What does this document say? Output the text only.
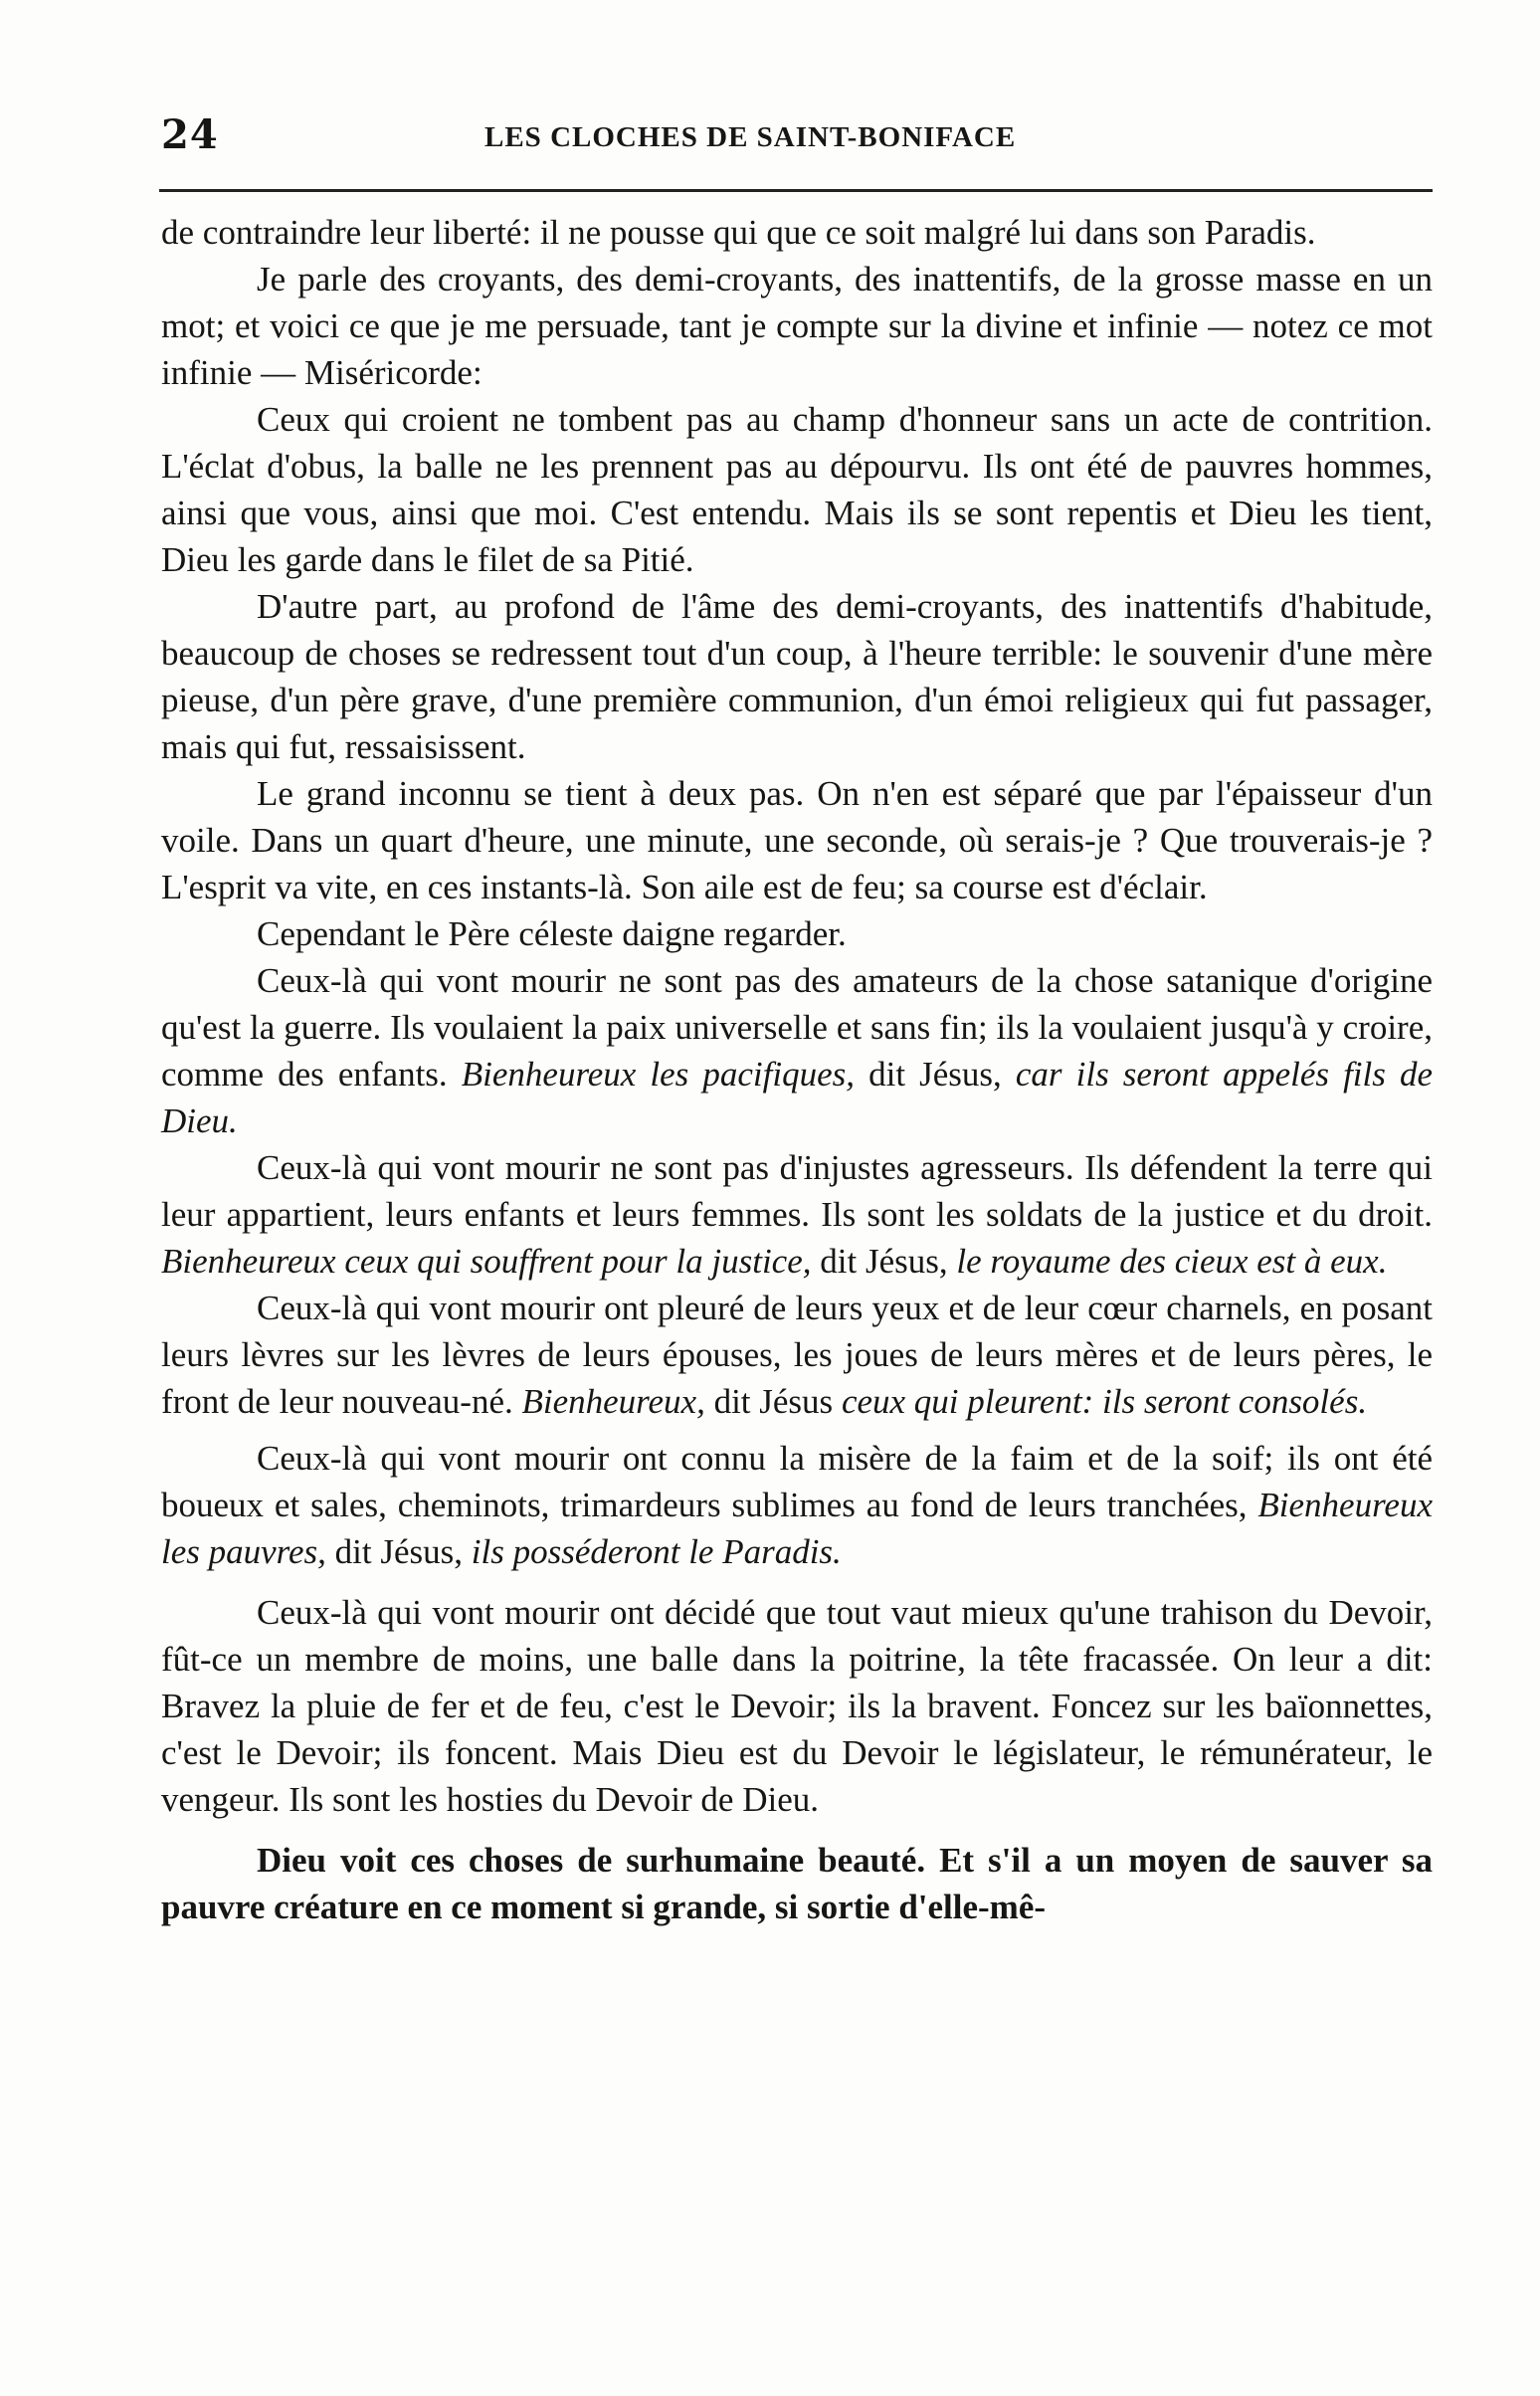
24	LES CLOCHES DE SAINT-BONIFACE

de contraindre leur liberté: il ne pousse qui que ce soit malgré lui dans son Paradis.

Je parle des croyants, des demi-croyants, des inattentifs, de la grosse masse en un mot; et voici ce que je me persuade, tant je compte sur la divine et infinie — notez ce mot infinie — Miséricorde:

Ceux qui croient ne tombent pas au champ d'honneur sans un acte de contrition. L'éclat d'obus, la balle ne les prennent pas au dépourvu. Ils ont été de pauvres hommes, ainsi que vous, ainsi que moi. C'est entendu. Mais ils se sont repentis et Dieu les tient, Dieu les garde dans le filet de sa Pitié.

D'autre part, au profond de l'âme des demi-croyants, des inattentifs d'habitude, beaucoup de choses se redressent tout d'un coup, à l'heure terrible: le souvenir d'une mère pieuse, d'un père grave, d'une première communion, d'un émoi religieux qui fut passager, mais qui fut, ressaisissent.

Le grand inconnu se tient à deux pas. On n'en est séparé que par l'épaisseur d'un voile. Dans un quart d'heure, une minute, une seconde, où serais-je ? Que trouverais-je ? L'esprit va vite, en ces instants-là. Son aile est de feu; sa course est d'éclair.

Cependant le Père céleste daigne regarder.

Ceux-là qui vont mourir ne sont pas des amateurs de la chose satanique d'origine qu'est la guerre. Ils voulaient la paix universelle et sans fin; ils la voulaient jusqu'à y croire, comme des enfants. Bienheureux les pacifiques, dit Jésus, car ils seront appelés fils de Dieu.

Ceux-là qui vont mourir ne sont pas d'injustes agresseurs. Ils défendent la terre qui leur appartient, leurs enfants et leurs femmes. Ils sont les soldats de la justice et du droit. Bienheureux ceux qui souffrent pour la justice, dit Jésus, le royaume des cieux est à eux.

Ceux-là qui vont mourir ont pleuré de leurs yeux et de leur cœur charnels, en posant leurs lèvres sur les lèvres de leurs épouses, les joues de leurs mères et de leurs pères, le front de leur nouveau-né. Bienheureux, dit Jésus ceux qui pleurent: ils seront consolés.

Ceux-là qui vont mourir ont connu la misère de la faim et de la soif; ils ont été boueux et sales, cheminots, trimardeurs sublimes au fond de leurs tranchées, Bienheureux les pauvres, dit Jésus, ils posséderont le Paradis.

Ceux-là qui vont mourir ont décidé que tout vaut mieux qu'une trahison du Devoir, fût-ce un membre de moins, une balle dans la poitrine, la tête fracassée. On leur a dit: Bravez la pluie de fer et de feu, c'est le Devoir; ils la bravent. Foncez sur les baïonnettes, c'est le Devoir; ils foncent. Mais Dieu est du Devoir le législateur, le rémunérateur, le vengeur. Ils sont les hosties du Devoir de Dieu.

Dieu voit ces choses de surhumaine beauté. Et s'il a un moyen de sauver sa pauvre créature en ce moment si grande, si sortie d'elle-mê-
